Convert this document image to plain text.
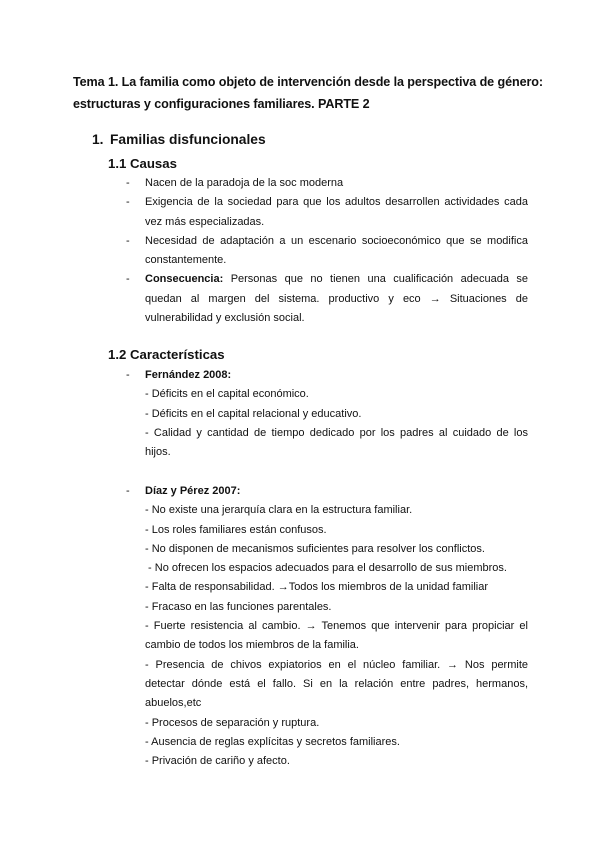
Tema 1. La familia como objeto de intervención desde la perspectiva de género: estructuras y configuraciones familiares. PARTE 2
1. Familias disfuncionales
1.1 Causas
- Nacen de la paradoja de la soc moderna
- Exigencia de la sociedad para que los adultos desarrollen actividades cada vez más especializadas.
- Necesidad de adaptación a un escenario socioeconómico que se modifica constantemente.
- Consecuencia: Personas que no tienen una cualificación adecuada se quedan al margen del sistema. productivo y eco → Situaciones de vulnerabilidad y exclusión social.
1.2 Características
- Fernández 2008:
- Déficits en el capital económico.
- Déficits en el capital relacional y educativo.
- Calidad y cantidad de tiempo dedicado por los padres al cuidado de los hijos.
- Díaz y Pérez 2007:
- No existe una jerarquía clara en la estructura familiar.
- Los roles familiares están confusos.
- No disponen de mecanismos suficientes para resolver los conflictos.
- No ofrecen los espacios adecuados para el desarrollo de sus miembros.
- Falta de responsabilidad. →Todos los miembros de la unidad familiar
- Fracaso en las funciones parentales.
- Fuerte resistencia al cambio. → Tenemos que intervenir para propiciar el cambio de todos los miembros de la familia.
- Presencia de chivos expiatorios en el núcleo familiar. → Nos permite detectar dónde está el fallo. Si en la relación entre padres, hermanos, abuelos,etc
- Procesos de separación y ruptura.
- Ausencia de reglas explícitas y secretos familiares.
- Privación de cariño y afecto.
